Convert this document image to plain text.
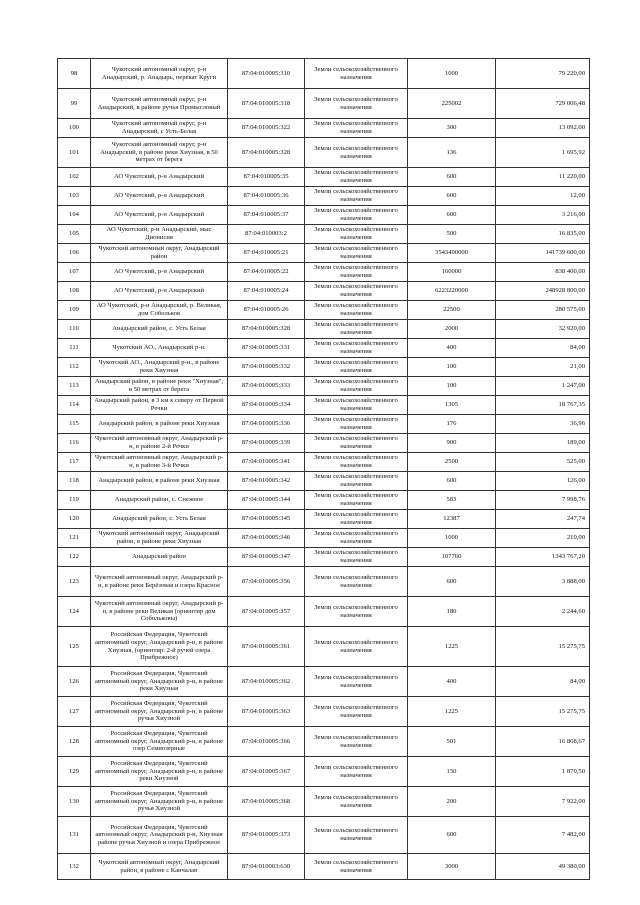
98	Чукотский автономный округ, р-н Анадырский, р. Анадырь, перекат Круги	87:04:010005:310	Земли сельскохозяйственного назначения	1000	79 220,00
99	Чукотский автономный округ, р-н Анадырский, в районе ручья Промысловый	87:04:010005:318	Земли сельскохозяйственного назначения	225002	729 006,48
100	Чукотский автономный округ, р-н Анадырский, с Усть-Белая	87:04:010005:322	Земли сельскохозяйственного назначения	300	13 092,00
101	Чукотский автономный округ, р-н Анадырский, в районе реки Хиузная, в 50 метрах от берега	87:04:010005:328	Земли сельскохозяйственного назначения	136	1 695,92
102	АО Чукотский, р-н Анадырский	87:04:010005:35	Земли сельскохозяйственного назначения	600	11 220,00
103	АО Чукотский, р-н Анадырский	87:04:010005:36	Земли сельскохозяйственного назначения	600	12,00
104	АО Чукотский, р-н Анадырский	87:04:010005:37	Земли сельскохозяйственного назначения	600	3 216,00
105	АО Чукотский, р-н Анадырский, мыс Дионисия	87:04:010003:2	Земли сельскохозяйственного назначения	500	16 835,00
106	Чукотский автономный округ, Анадырский район	87:04:010005:21	Земли сельскохозяйственного назначения	3543490000	141739 600,00
107	АО Чукотский, р-н Анадырский	87:04:010005:22	Земли сельскохозяйственного назначения	160000	838 400,00
108	АО Чукотский, р-н Анадырский	87:04:010005:24	Земли сельскохозяйственного назначения	6223220000	248928 800,00
109	АО Чукотский, р-н Анадырский, р. Великая, дом Собольков	87:04:010005:26	Земли сельскохозяйственного назначения	22500	280 575,00
110	Анадырский район, с. Усть Белая	87:04:010005:328	Земли сельскохозяйственного назначения	2000	32 920,00
111	Чукотский АО., Анадырский р-н.	87:04:010005:331	Земли сельскохозяйственного назначения	400	84,00
112	Чукотский АО., Анадырский р-н., в районе реки Хиузная	87:04:010005:332	Земли сельскохозяйственного назначения	100	21,00
113	Анадырский район, в районе реки "Хиузная", в 50 метрах от берега	87:04:010005:333	Земли сельскохозяйственного назначения	100	1 247,00
114	Анадырский район, в 3 км к северу от Первой Речки	87:04:010005:334	Земли сельскохозяйственного назначения	1305	18 767,35
115	Анадырский район, в районе реки Хиузная	87:04:010005:336	Земли сельскохозяйственного назначения	176	36,96
116	Чукотский автономный округ, Анадырский р-н, в районе 2-й Речки	87:04:010005:339	Земли сельскохозяйственного назначения	900	189,00
117	Чукотский автономный округ, Анадырский р-н, в районе 3-й Речки	87:04:010005:341	Земли сельскохозяйственного назначения	2500	525,00
118	Анадырский район, в районе реки Хиузная	87:04:010005:342	Земли сельскохозяйственного назначения	600	126,00
119	Анадырский район, с. Снежное	87:04:010005:344	Земли сельскохозяйственного назначения	583	7 998,76
120	Анадырский район, с. Усть Белая	87:04:010005:345	Земли сельскохозяйственного назначения	12387	247,74
121	Чукотский автономный округ, Анадырский район, в районе реки Хиузная	87:04:010005:346	Земли сельскохозяйственного назначения	1000	210,00
122	Анадырский район	87:04:010005:347	Земли сельскохозяйственного назначения	107760	1343 767,20
123	Чукотский автономный округ, Анадырский р-н, в районе реки Берёзовая и озера Красное	87:04:010005:356	Земли сельскохозяйственного назначения	600	3 888,00
124	Чукотский автономный округ, Анадырский р-н, в районе реки Великая (ориентир дом Собольковы)	87:04:010005:357	Земли сельскохозяйственного назначения	180	2 244,60
125	Российская Федерация, Чукотский автономный округ, Анадырский р-н, в районе Хиузная, (ориентир: 2-й ручей озера Прибрежное)	87:04:010005:361	Земли сельскохозяйственного назначения	1225	15 275,75
126	Российская Федерация, Чукотский автономный округ, Анадырский р-н, в районе реки Хиузная	87:04:010005:362	Земли сельскохозяйственного назначения	400	84,00
127	Российская Федерация, Чукотский автономный округ, Анадырский р-н, в районе ручья Хиузной	87:04:010005:363	Земли сельскохозяйственного назначения	1225	15 275,75
128	Российская Федерация, Чукотский автономный округ, Анадырский р-н, в районе озер Семиозерные	87:04:010005:366	Земли сельскохозяйственного назначения	501	16 868,67
129	Российская Федерация, Чукотский автономный округ, Анадырский р-н, в районе реки Хиузной	87:04:010005:367	Земли сельскохозяйственного назначения	150	1 870,50
130	Российская Федерация, Чукотский автономный округ, Анадырский р-н, в районе ручья Хиузной	87:04:010005:368	Земли сельскохозяйственного назначения	200	7 922,00
131	Российская Федерация, Чукотский автономный округ, Анадырский р-н, Хиузная районе ручья Хиузной и озера Прибрежное	87:04:010005:373	Земли сельскохозяйственного назначения	600	7 482,00
132	Чукотский автономный округ, Анадырский район, в районе с Канчалан	87:04:010003:630	Земли сельскохозяйственного назначения	3000	49 380,00
